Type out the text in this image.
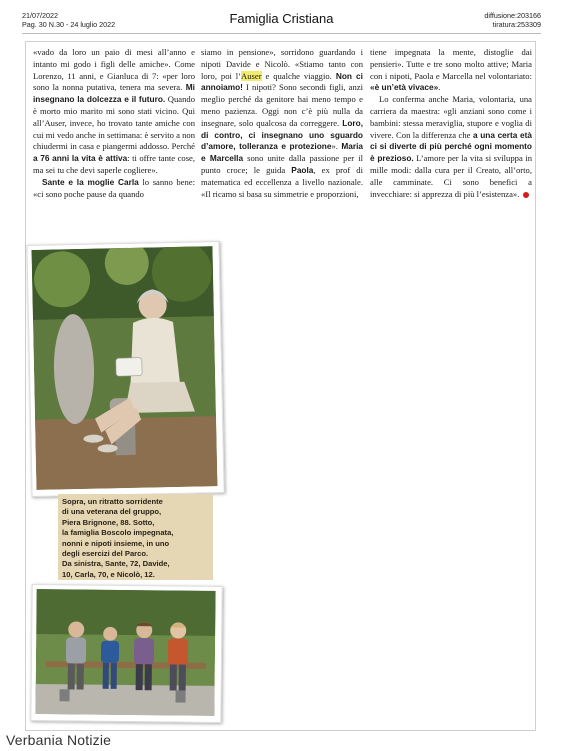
21/07/2022
Pag. 30 N.30 - 24 luglio 2022	Famiglia Cristiana	diffusione:203166
tiratura:253309

«vado da loro un paio di mesi all’anno e intanto mi godo i figli delle amiche». Come Lorenzo, 11 anni, e Gianluca di 7: «per loro sono la nonna putativa, tenera ma severa. Mi insegnano la dolcezza e il futuro. Quando è morto mio marito mi sono stati vicino. Qui all’Auser, invece, ho trovato tante amiche con cui mi vedo anche in settimana: è servito a non chiudermi in casa e piangermi addosso. Perché a 76 anni la vita è attiva: ti offre tante cose, ma sei tu che devi saperle cogliere».

Sante e la moglie Carla lo sanno bene: «ci sono poche pause da quando

siamo in pensione», sorridono guardando i nipoti Davide e Nicolò. «Stiamo tanto con loro, poi l’Auser e qualche viaggio. Non ci annoiamo! I nipoti? Sono secondi figli, anzi meglio perché da genitore hai meno tempo e meno pazienza. Oggi non c’è più nulla da insegnare, solo qualcosa da correggere. Loro, di contro, ci insegnano uno sguardo d’amore, tolleranza e protezione». Maria e Marcella sono unite dalla passione per il punto croce; le guida Paola, ex prof di matematica ed eccellenza a livello nazionale. «Il ricamo si basa su simmetrie e proporzioni,

tiene impegnata la mente, distoglie dai pensieri». Tutte e tre sono molto attive; Maria con i nipoti, Paola e Marcella nel volontariato: «è un’età vivace».

Lo conferma anche Maria, volontaria, una carriera da maestra: «gli anziani sono come i bambini: stessa meraviglia, stupore e voglia di vivere. Con la differenza che a una certa età ci si diverte di più perché ogni momento è prezioso. L’amore per la vita si sviluppa in mille modi: dalla cura per il Creato, all’orto, alle camminate. Ci sono benefici a invecchiare: si apprezza di più l’esistenza».

Sopra, un ritratto sorridente
di una veterana del gruppo,
Piera Brignone, 88. Sotto,
la famiglia Boscolo impegnata,
nonni e nipoti insieme, in uno
degli esercizi del Parco.
Da sinistra, Sante, 72, Davide,
10, Carla, 70, e Nicolò, 12.
Verbania Notizie
